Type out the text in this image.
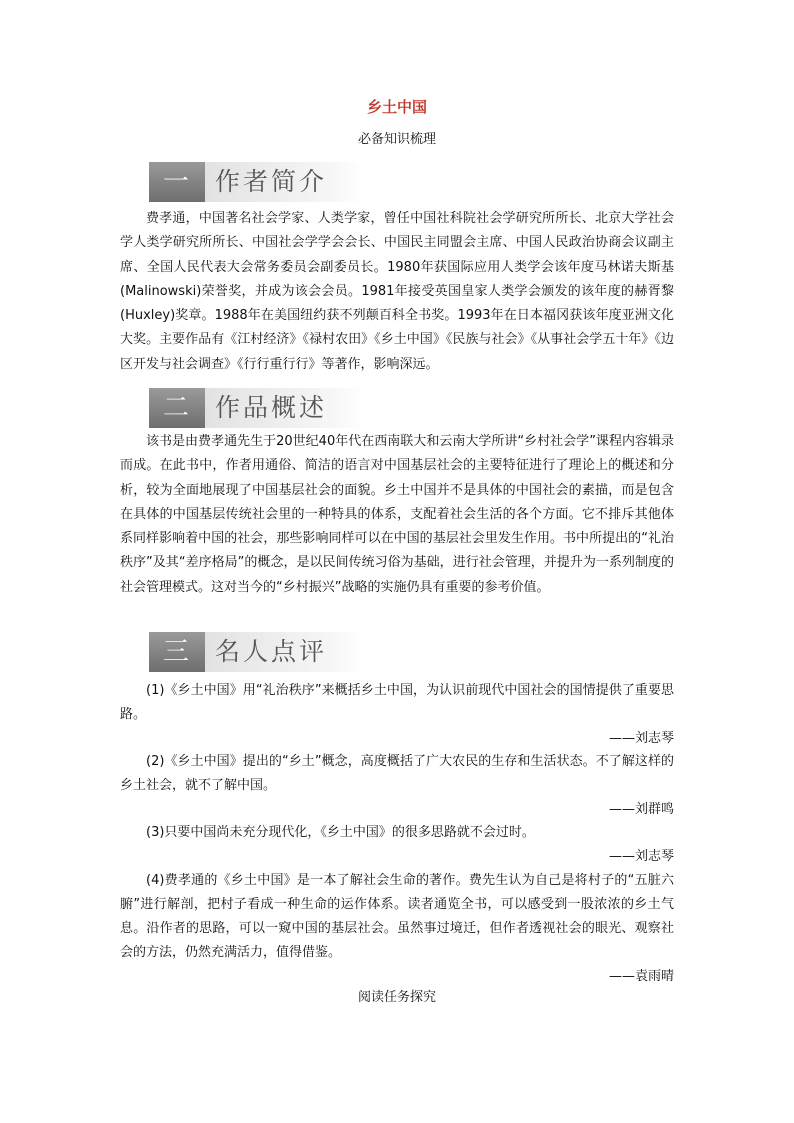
乡土中国
必备知识梳理
一 作者简介
费孝通，中国著名社会学家、人类学家，曾任中国社科院社会学研究所所长、北京大学社会学人类学研究所所长、中国社会学学会会长、中国民主同盟会主席、中国人民政治协商会议副主席、全国人民代表大会常务委员会副委员长。1980年获国际应用人类学会该年度马林诺夫斯基(Malinowski)荣誉奖，并成为该会会员。1981年接受英国皇家人类学会颁发的该年度的赫胥黎(Huxley)奖章。1988年在美国纽约获不列颠百科全书奖。1993年在日本福冈获该年度亚洲文化大奖。主要作品有《江村经济》《禄村农田》《乡土中国》《民族与社会》《从事社会学五十年》《边区开发与社会调查》《行行重行行》等著作，影响深远。
二 作品概述
该书是由费孝通先生于20世纪40年代在西南联大和云南大学所讲“乡村社会学”课程内容辑录而成。在此书中，作者用通俗、简洁的语言对中国基层社会的主要特征进行了理论上的概述和分析，较为全面地展现了中国基层社会的面貌。乡土中国并不是具体的中国社会的素描，而是包含在具体的中国基层传统社会里的一种特具的体系，支配着社会生活的各个方面。它不排斥其他体系同样影响着中国的社会，那些影响同样可以在中国的基层社会里发生作用。书中所提出的“礼治秩序”及其“差序格局”的概念，是以民间传统习俗为基础，进行社会管理，并提升为一系列制度的社会管理模式。这对当今的“乡村振兴”战略的实施仍具有重要的参考价值。
三 名人点评
(1)《乡土中国》用“礼治秩序”来概括乡土中国，为认识前现代中国社会的国情提供了重要思路。
——刘志琴
(2)《乡土中国》提出的“乡土”概念，高度概括了广大农民的生存和生活状态。不了解这样的乡土社会，就不了解中国。
——刘群鸣
(3)只要中国尚未充分现代化，《乡土中国》的很多思路就不会过时。
——刘志琴
(4)费孝通的《乡土中国》是一本了解社会生命的著作。费先生认为自己是将村子的“五脏六腑”进行解剖，把村子看成一种生命的运作体系。读者通览全书，可以感受到一股浓浓的乡土气息。沿作者的思路，可以一窥中国的基层社会。虽然事过境迁，但作者透视社会的眼光、观察社会的方法，仍然充满活力，值得借鉴。
——袁雨晴
阅读任务探究
